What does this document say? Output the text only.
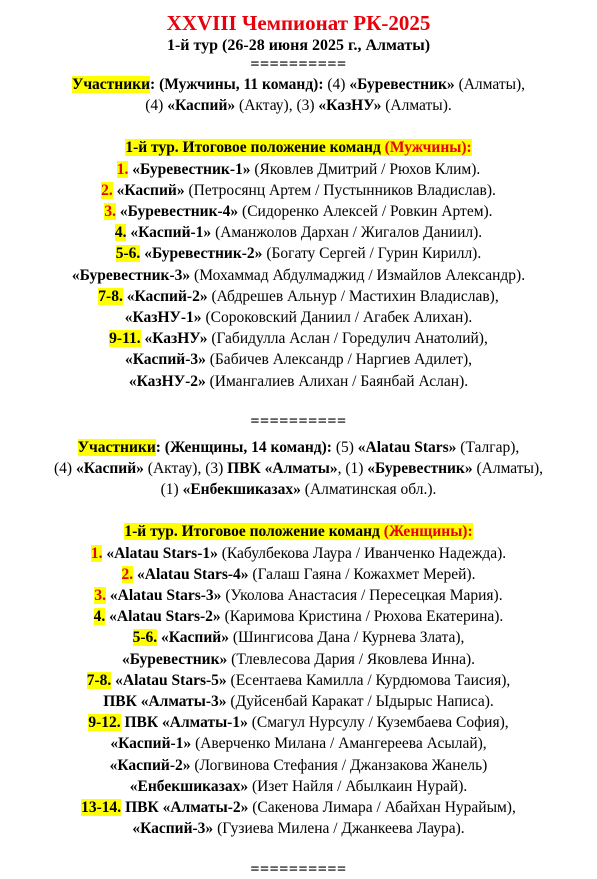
XXVIII Чемпионат РК-2025
1-й тур (26-28 июня 2025 г., Алматы)
==========
Участники: (Мужчины, 11 команд): (4) «Буревестник» (Алматы),
(4) «Каспий» (Актау), (3) «КазНУ» (Алматы).
1-й тур. Итоговое положение команд (Мужчины):
1. «Буревестник-1» (Яковлев Дмитрий / Рюхов Клим).
2. «Каспий» (Петросянц Артем / Пустынников Владислав).
3. «Буревестник-4» (Сидоренко Алексей / Ровкин Артем).
4. «Каспий-1» (Аманжолов Дархан / Жигалов Даниил).
5-6. «Буревестник-2» (Богату Сергей / Гурин Кирилл).
«Буревестник-3» (Мохаммад Абдулмаджид / Измайлов Александр).
7-8. «Каспий-2» (Абдрешев Альнур / Мастихин Владислав),
«КазНУ-1» (Сороковский Даниил / Агабек Алихан).
9-11. «КазНУ» (Габидулла Аслан / Горедулич Анатолий),
«Каспий-3» (Бабичев Александр / Наргиев Адилет),
«КазНУ-2» (Имангалиев Алихан / Баянбай Аслан).
==========
Участники: (Женщины, 14 команд): (5) «Alatau Stars» (Талгар),
(4) «Каспий» (Актау), (3) ПВК «Алматы», (1) «Буревестник» (Алматы),
(1) «Енбекшиказах» (Алматинская обл.).
1-й тур. Итоговое положение команд (Женщины):
1. «Alatau Stars-1» (Кабулбекова Лаура / Иванченко Надежда).
2. «Alatau Stars-4» (Галаш Гаяна / Кожахмет Мерей).
3. «Alatau Stars-3» (Уколова Анастасия / Пересецкая Мария).
4. «Alatau Stars-2» (Каримова Кристина / Рюхова Екатерина).
5-6. «Каспий» (Шингисова Дана / Курнева Злата),
«Буревестник» (Тлевлесова Дария / Яковлева Инна).
7-8. «Alatau Stars-5» (Есентаева Камилла / Курдюмова Таисия),
ПВК «Алматы-3» (Дуйсенбай Каракат / Ыдырыс Написа).
9-12. ПВК «Алматы-1» (Смагул Нурсулу / Кузембаева София),
«Каспий-1» (Аверченко Милана / Амангереева Асылай),
«Каспий-2» (Логвинова Стефания / Джанзакова Жанель)
«Енбекшиказах» (Изет Найля / Абылкаин Нурай).
13-14. ПВК «Алматы-2» (Сакенова Лимара / Абайхан Нурайым),
«Каспий-3» (Гузиева Милена / Джанкеева Лаура).
==========
